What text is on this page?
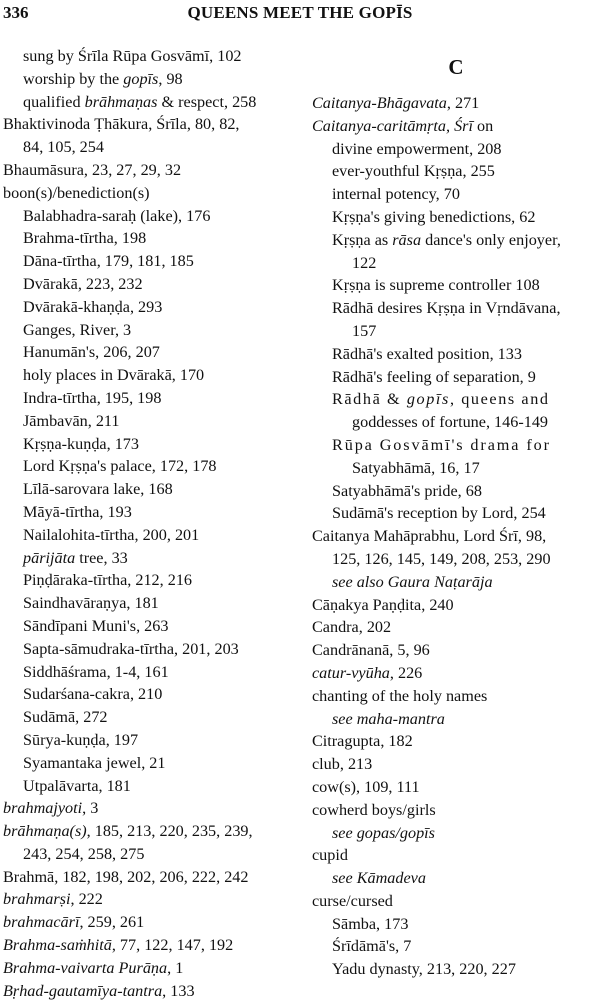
336	QUEENS MEET THE GOPĪS
sung by Śrīla Rūpa Gosvāmī, 102
worship by the gopīs, 98
qualified brāhmaṇas & respect, 258
Bhaktivinoda Ṭhākura, Śrīla, 80, 82,
84, 105, 254
Bhaumāsura, 23, 27, 29, 32
boon(s)/benediction(s)
Balabhadra-saraḥ (lake), 176
Brahma-tīrtha, 198
Dāna-tīrtha, 179, 181, 185
Dvārakā, 223, 232
Dvārakā-khaṇḍa, 293
Ganges, River, 3
Hanumān's, 206, 207
holy places in Dvārakā, 170
Indra-tīrtha, 195, 198
Jāmbavān, 211
Kṛṣṇa-kuṇḍa, 173
Lord Kṛṣṇa's palace, 172, 178
Līlā-sarovara lake, 168
Māyā-tīrtha, 193
Nailalohita-tīrtha, 200, 201
pārijāta tree, 33
Piṇḍāraka-tīrtha, 212, 216
Saindhavāraṇya, 181
Sāndīpani Muni's, 263
Sapta-sāmudraka-tīrtha, 201, 203
Siddhāśrama, 1-4, 161
Sudarśana-cakra, 210
Sudāmā, 272
Sūrya-kuṇḍa, 197
Syamantaka jewel, 21
Utpalāvarta, 181
brahmajyoti, 3
brāhmaṇa(s), 185, 213, 220, 235, 239,
243, 254, 258, 275
Brahmā, 182, 198, 202, 206, 222, 242
brahmarṣi, 222
brahmacārī, 259, 261
Brahma-saṁhitā, 77, 122, 147, 192
Brahma-vaivarta Purāṇa, 1
Bṛhad-gautamīya-tantra, 133
C
Caitanya-Bhāgavata, 271
Caitanya-caritāmṛta, Śrī on
divine empowerment, 208
ever-youthful Kṛṣṇa, 255
internal potency, 70
Kṛṣṇa's giving benedictions, 62
Kṛṣṇa as rāsa dance's only enjoyer,
122
Kṛṣṇa is supreme controller 108
Rādhā desires Kṛṣṇa in Vṛndāvana,
157
Rādhā's exalted position, 133
Rādhā's feeling of separation, 9
Rādhā & gopīs, queens and
goddesses of fortune, 146-149
Rūpa Gosvāmī's drama for
Satyabhāmā, 16, 17
Satyabhāmā's pride, 68
Sudāmā's reception by Lord, 254
Caitanya Mahāprabhu, Lord Śrī, 98,
125, 126, 145, 149, 208, 253, 290
see also Gaura Naṭarāja
Cāṇakya Paṇḍita, 240
Candra, 202
Candrānanā, 5, 96
catur-vyūha, 226
chanting of the holy names
see maha-mantra
Citragupta, 182
club, 213
cow(s), 109, 111
cowherd boys/girls
see gopas/gopīs
cupid
see Kāmadeva
curse/cursed
Sāmba, 173
Śrīdāmā's, 7
Yadu dynasty, 213, 220, 227
